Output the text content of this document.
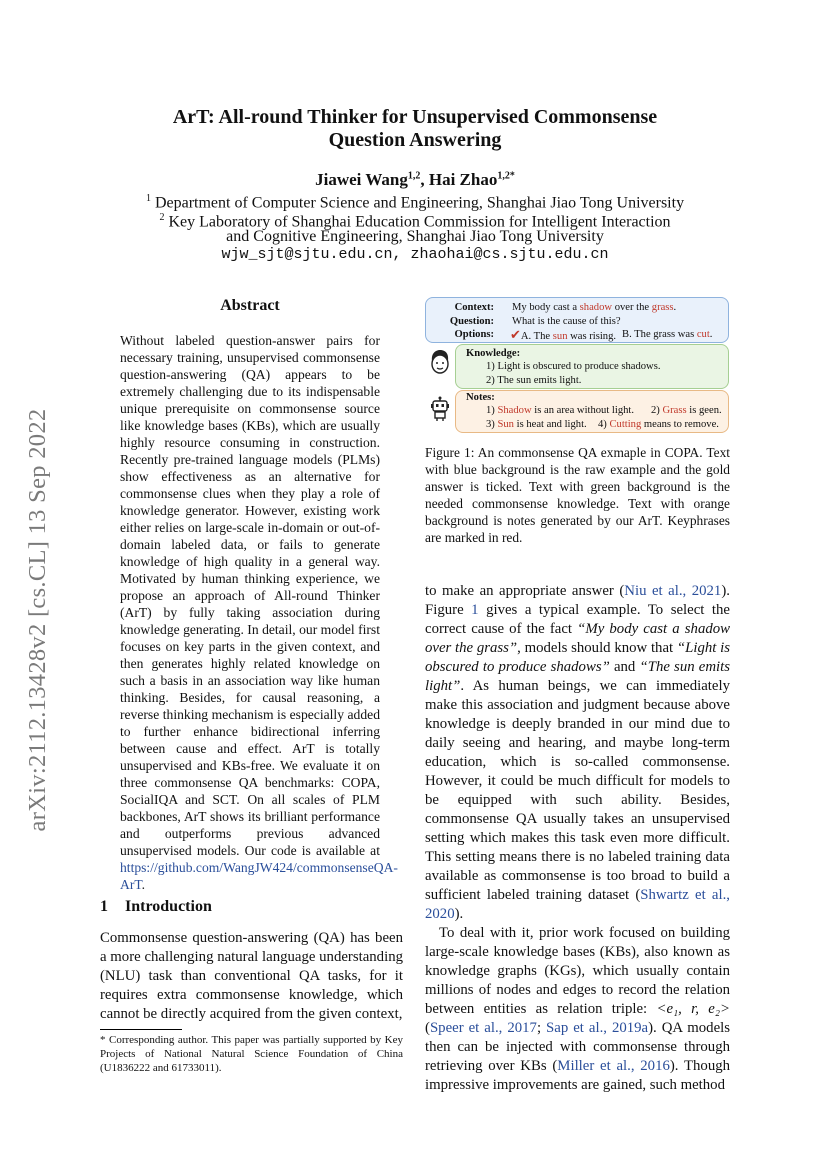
arXiv:2112.13428v2 [cs.CL] 13 Sep 2022
ArT: All-round Thinker for Unsupervised Commonsense
Question Answering
Jiawei Wang$^{1,2}$, Hai Zhao$^{1,2*}$
$^1$ Department of Computer Science and Engineering, Shanghai Jiao Tong University
$^2$ Key Laboratory of Shanghai Education Commission for Intelligent Interaction
and Cognitive Engineering, Shanghai Jiao Tong University
wjw_sjt@sjtu.edu.cn, zhaohai@cs.sjtu.edu.cn
Abstract
Without labeled question-answer pairs for necessary training, unsupervised commonsense question-answering (QA) appears to be extremely challenging due to its indispensable unique prerequisite on commonsense source like knowledge bases (KBs), which are usually highly resource consuming in construction. Recently pre-trained language models (PLMs) show effectiveness as an alternative for commonsense clues when they play a role of knowledge generator. However, existing work either relies on large-scale in-domain or out-of-domain labeled data, or fails to generate knowledge of high quality in a general way. Motivated by human thinking experience, we propose an approach of All-round Thinker (ArT) by fully taking association during knowledge generating. In detail, our model first focuses on key parts in the given context, and then generates highly related knowledge on such a basis in an association way like human thinking. Besides, for causal reasoning, a reverse thinking mechanism is especially added to further enhance bidirectional inferring between cause and effect. ArT is totally unsupervised and KBs-free. We evaluate it on three commonsense QA benchmarks: COPA, SocialIQA and SCT. On all scales of PLM backbones, ArT shows its brilliant performance and outperforms previous advanced unsupervised models. Our code is available at https://github.com/WangJW424/commonsenseQA-ArT.
Context:
Question:
Options:
My body cast a shadow over the grass.
What is the cause of this?
✔A. The sun was rising. B. The grass was cut.
Knowledge:
1) Light is obscured to produce shadows.
2) The sun emits light.
Notes:
1) Shadow is an area without light. 2) Grass is geen.
3) Sun is heat and light. 4) Cutting means to remove.
Figure 1: An commonsense QA exmaple in COPA. Text with blue background is the raw example and the gold answer is ticked. Text with green background is the needed commonsense knowledge. Text with orange background is notes generated by our ArT. Keyphrases are marked in red.

to make an appropriate answer (Niu et al., 2021). Figure 1 gives a typical example. To select the correct cause of the fact “My body cast a shadow over the grass”, models should know that “Light is obscured to produce shadows” and “The sun emits light”. As human beings, we can immediately make this association and judgment because above knowledge is deeply branded in our mind due to daily seeing and hearing, and maybe long-term education, which is so-called commonsense. However, it could be much difficult for models to be equipped with such ability. Besides, commonsense QA usually takes an unsupervised setting which makes this task even more difficult. This setting means there is no labeled training data available as commonsense is too broad to build a sufficient labeled training dataset (Shwartz et al., 2020).

To deal with it, prior work focused on building large-scale knowledge bases (KBs), also known as knowledge graphs (KGs), which usually contain millions of nodes and edges to record the relation between entities as relation triple: <e₁, r, e₂> (Speer et al., 2017; Sap et al., 2019a). QA models then can be injected with commonsense through retrieving over KBs (Miller et al., 2016). Though impressive improvements are gained, such method

1 Introduction
Commonsense question-answering (QA) has been a more challenging natural language understanding (NLU) task than conventional QA tasks, for it requires extra commonsense knowledge, which cannot be directly acquired from the given context,
* Corresponding author. This paper was partially supported by Key Projects of National Natural Science Foundation of China (U1836222 and 61733011).
